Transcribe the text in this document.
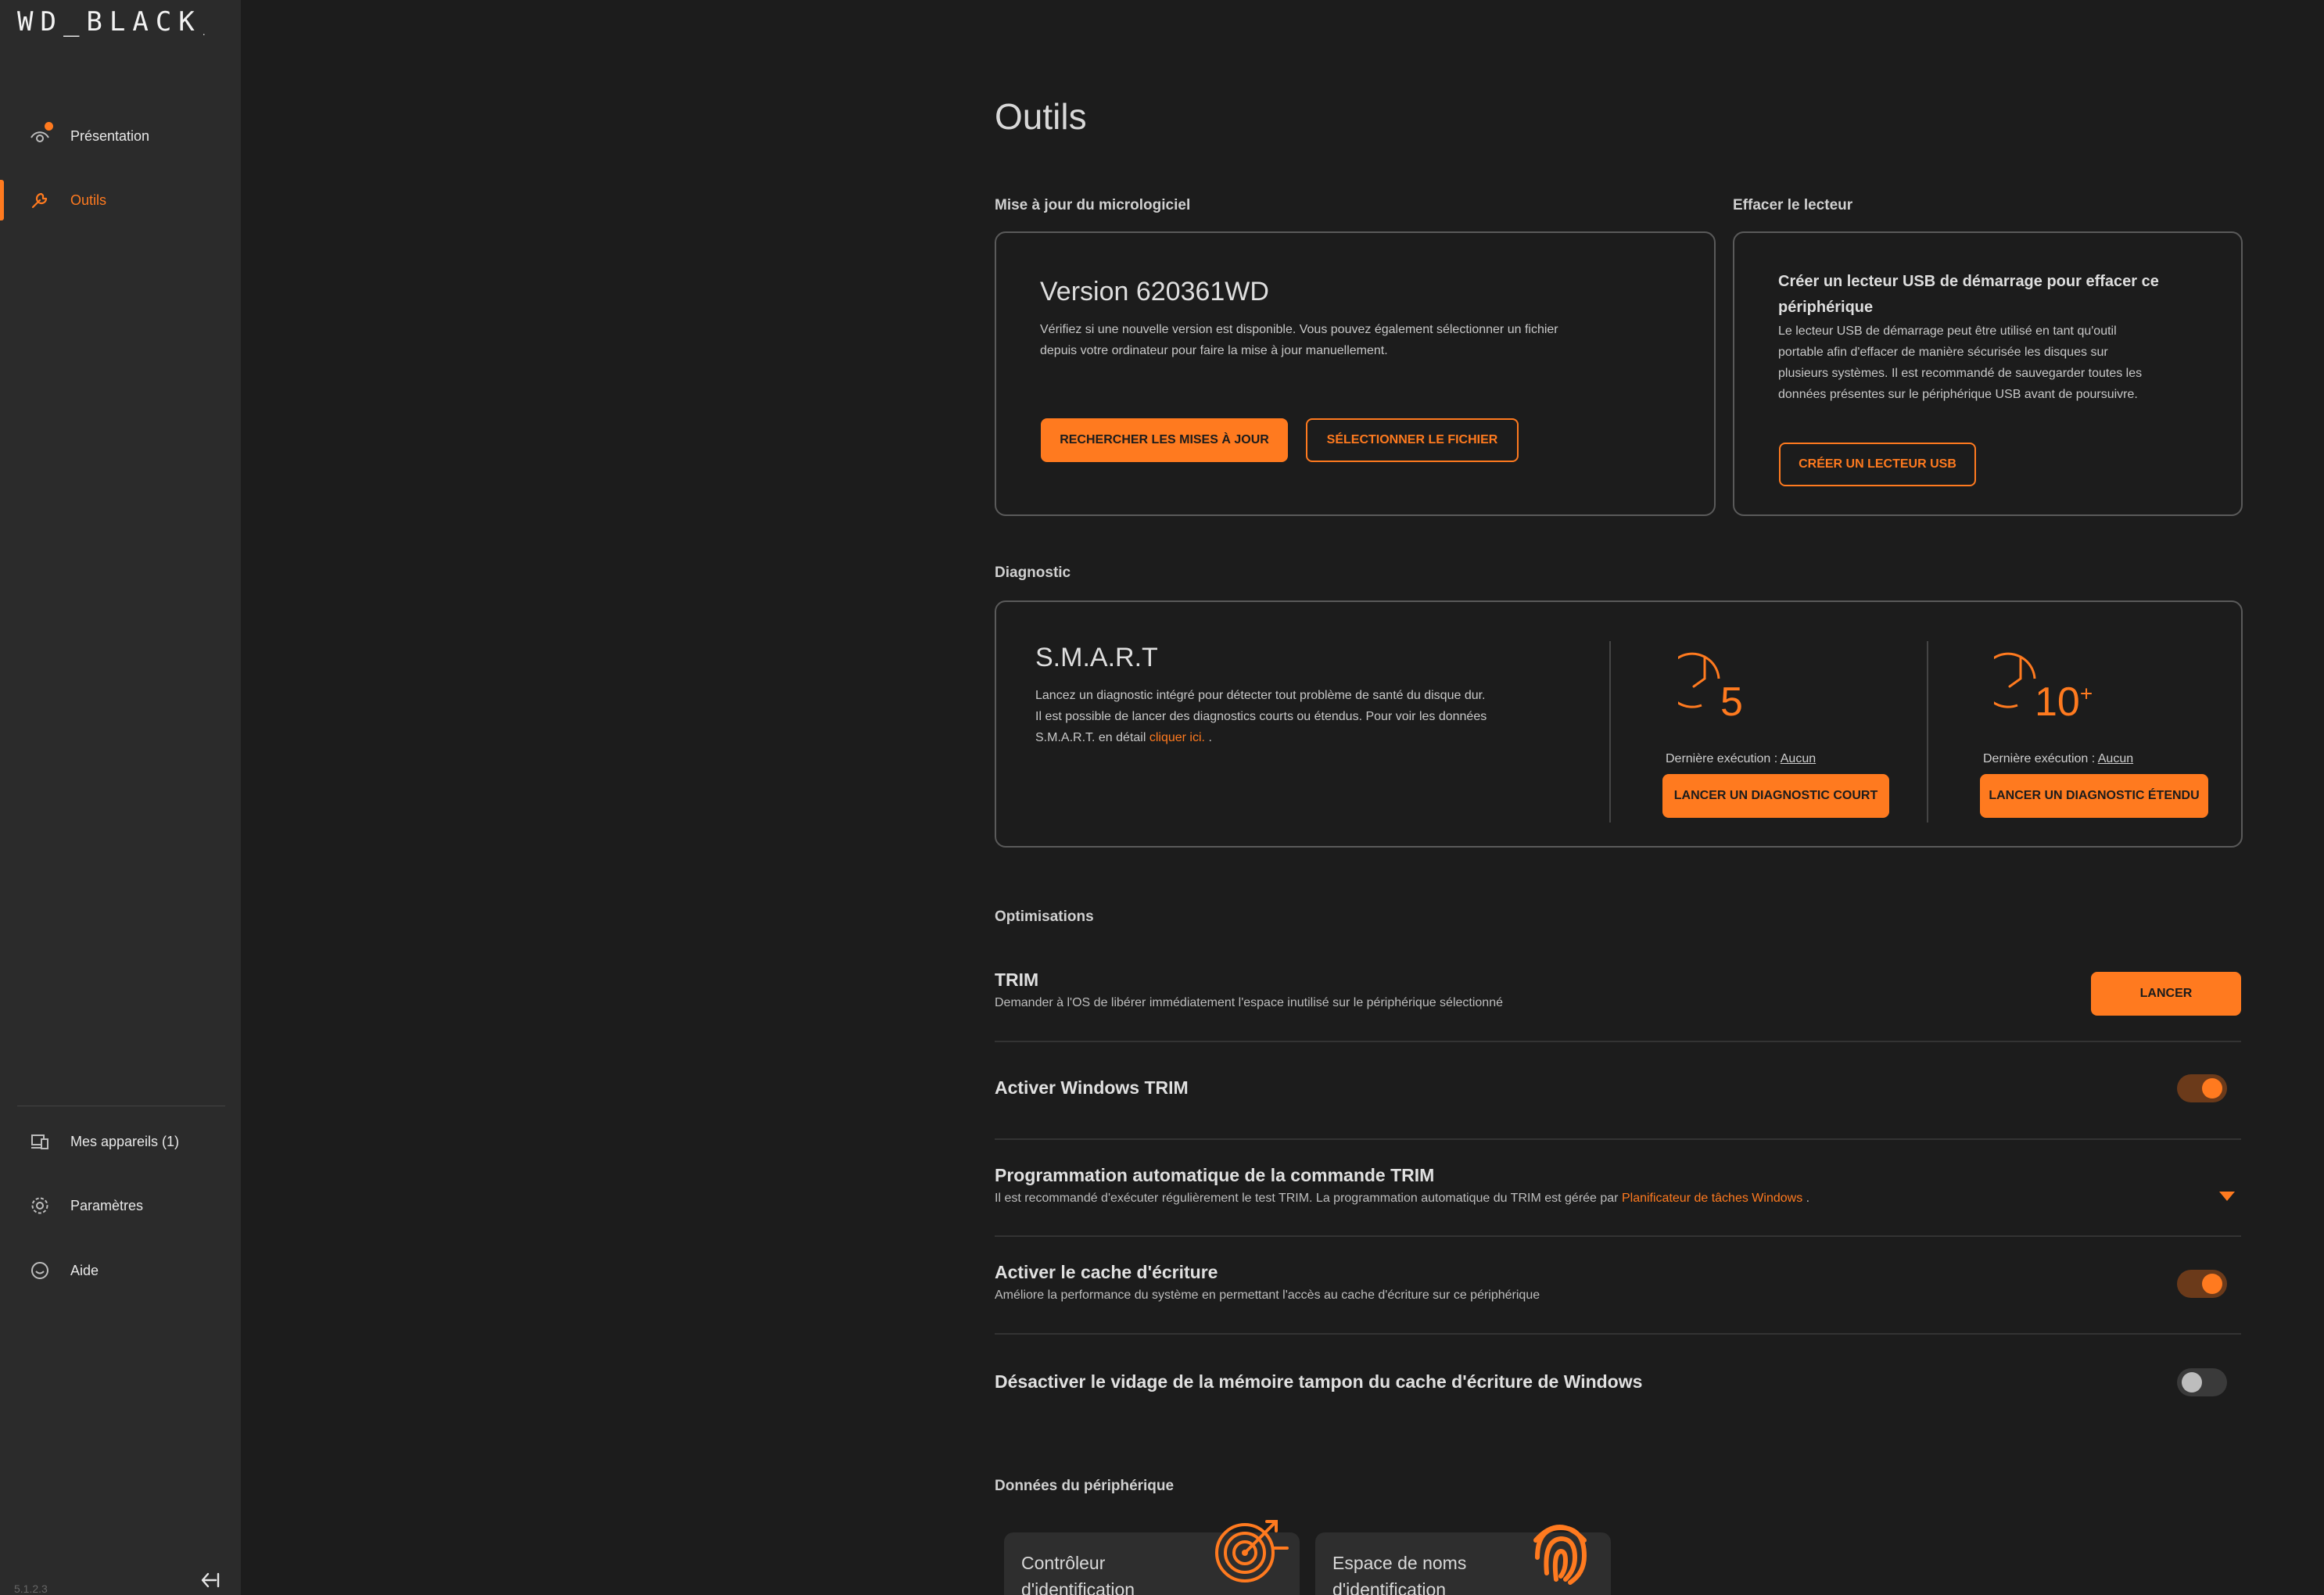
WD_BLACK.
Présentation
Outils
Mes appareils (1)
Paramètres
Aide
5.1.2.3
Outils
Mise à jour du micrologiciel
Version 620361WD
Vérifiez si une nouvelle version est disponible. Vous pouvez également sélectionner un fichier
depuis votre ordinateur pour faire la mise à jour manuellement.
RECHERCHER LES MISES À JOUR	SÉLECTIONNER LE FICHIER
Effacer le lecteur
Créer un lecteur USB de démarrage pour effacer ce
périphérique
Le lecteur USB de démarrage peut être utilisé en tant qu'outil
portable afin d'effacer de manière sécurisée les disques sur
plusieurs systèmes. Il est recommandé de sauvegarder toutes les
données présentes sur le périphérique USB avant de poursuivre.
CRÉER UN LECTEUR USB
Diagnostic
S.M.A.R.T
Lancez un diagnostic intégré pour détecter tout problème de santé du disque dur.
Il est possible de lancer des diagnostics courts ou étendus. Pour voir les données
S.M.A.R.T. en détail cliquer ici. .
5
Dernière exécution : Aucun
LANCER UN DIAGNOSTIC COURT
10+
Dernière exécution : Aucun
LANCER UN DIAGNOSTIC ÉTENDU
Optimisations
TRIM
Demander à l'OS de libérer immédiatement l'espace inutilisé sur le périphérique sélectionné
LANCER
Activer Windows TRIM
Programmation automatique de la commande TRIM
Il est recommandé d'exécuter régulièrement le test TRIM. La programmation automatique du TRIM est gérée par Planificateur de tâches Windows .
Activer le cache d'écriture
Améliore la performance du système en permettant l'accès au cache d'écriture sur ce périphérique
Désactiver le vidage de la mémoire tampon du cache d'écriture de Windows
Données du périphérique
Contrôleur
d'identification
Espace de noms
d'identification
